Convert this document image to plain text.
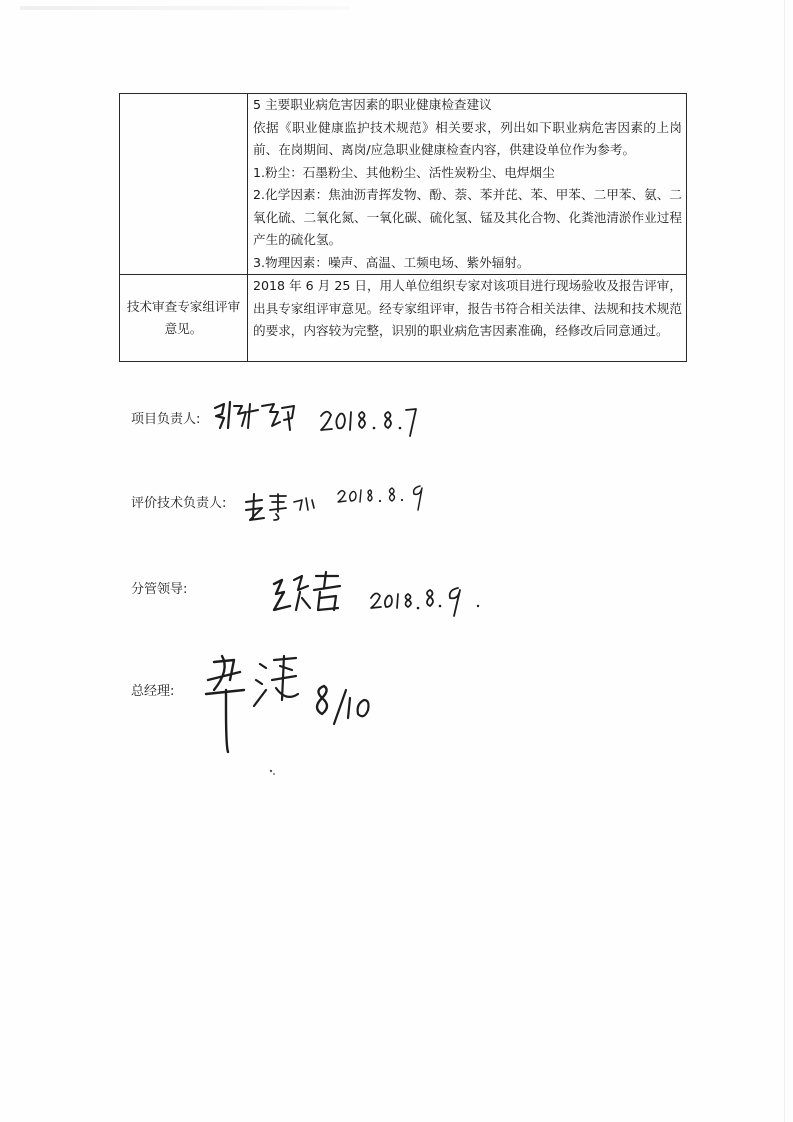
	5 主要职业病危害因素的职业健康检查建议

依据《职业健康监护技术规范》相关要求，列出如下职业病危害因素的上岗前、在岗期间、离岗/应急职业健康检查内容，供建设单位作为参考。

1.粉尘：石墨粉尘、其他粉尘、活性炭粉尘、电焊烟尘

2.化学因素：焦油沥青挥发物、酚、萘、苯并芘、苯、甲苯、二甲苯、氨、二氧化硫、二氧化氮、一氧化碳、硫化氢、锰及其化合物、化粪池清淤作业过程产生的硫化氢。

3.物理因素：噪声、高温、工频电场、紫外辐射。

技术审查专家组评审意见。	2018 年 6 月 25 日，用人单位组织专家对该项目进行现场验收及报告评审，出具专家组评审意见。经专家组评审，报告书符合相关法律、法规和技术规范的要求，内容较为完整，识别的职业病危害因素准确，经修改后同意通过。

项目负责人:
评价技术负责人:
分管领导:
总经理:
